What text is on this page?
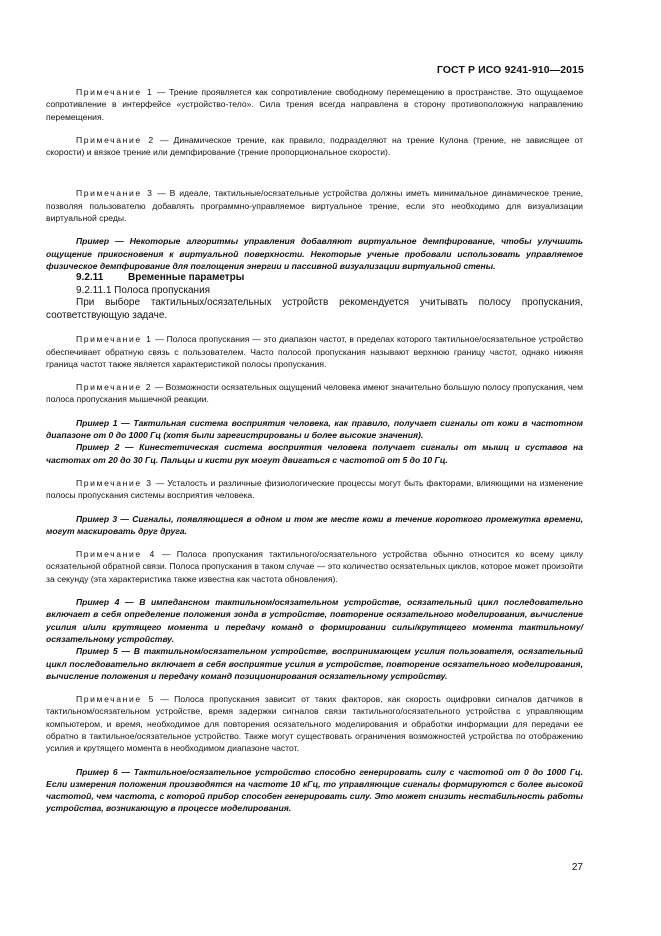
ГОСТ Р ИСО 9241-910—2015

Примечание 1 — Трение проявляется как сопротивление свободному перемещению в пространстве. Это ощущаемое сопротивление в интерфейсе «устройство-тело». Сила трения всегда направлена в сторону противоположную направлению перемещения.

Примечание 2 — Динамическое трение, как правило, подразделяют на трение Кулона (трение, не зависящее от скорости) и вязкое трение или демпфирование (трение пропорциональное скорости).

Примечание 3 — В идеале, тактильные/осязательные устройства должны иметь минимальное динамическое трение, позволяя пользователю добавлять программно-управляемое виртуальное трение, если это необходимо для визуализации виртуальной среды.

Пример — Некоторые алгоритмы управления добавляют виртуальное демпфирование, чтобы улучшить ощущение прикосновения к виртуальной поверхности. Некоторые ученые пробовали использовать управляемое физическое демпфирование для поглощения энергии и пассивной визуализации виртуальной стены.

9.2.11 Временные параметры

9.2.11.1 Полоса пропускания

При выборе тактильных/осязательных устройств рекомендуется учитывать полосу пропускания, соответствующую задаче.

Примечание 1 — Полоса пропускания — это диапазон частот, в пределах которого тактильное/осязательное устройство обеспечивает обратную связь с пользователем. Часто полосой пропускания называют верхнюю границу частот, однако нижняя граница частот также является характеристикой полосы пропускания.

Примечание 2 — Возможности осязательных ощущений человека имеют значительно большую полосу пропускания, чем полоса пропускания мышечной реакции.

Пример 1 — Тактильная система восприятия человека, как правило, получает сигналы от кожи в частотном диапазоне от 0 до 1000 Гц (хотя были зарегистрированы и более высокие значения).

Пример 2 — Кинестетическая система восприятия человека получает сигналы от мышц и суставов на частотах от 20 до 30 Гц. Пальцы и кисти рук могут двигаться с частотой от 5 до 10 Гц.

Примечание 3 — Усталость и различные физиологические процессы могут быть факторами, влияющими на изменение полосы пропускания системы восприятия человека.

Пример 3 — Сигналы, появляющиеся в одном и том же месте кожи в течение короткого промежутка времени, могут маскировать друг друга.

Примечание 4 — Полоса пропускания тактильного/осязательного устройства обычно относится ко всему циклу осязательной обратной связи. Полоса пропускания в таком случае — это количество осязательных циклов, которое может произойти за секунду (эта характеристика также известна как частота обновления).

Пример 4 — В импедансном тактильном/осязательном устройстве, осязательный цикл последовательно включает в себя определение положения зонда в устройстве, повторение осязательного моделирования, вычисление усилия и/или крутящего момента и передачу команд о формировании силы/крутящего момента тактильному/осязательному устройству.

Пример 5 — В тактильном/осязательном устройстве, воспринимающем усилия пользователя, осязательный цикл последовательно включает в себя восприятие усилия в устройстве, повторение осязательного моделирования, вычисление положения и передачу команд позиционирования осязательному устройству.

Примечание 5 — Полоса пропускания зависит от таких факторов, как скорость оцифровки сигналов датчиков в тактильном/осязательном устройстве, время задержки сигналов связи тактильного/осязательного устройства с управляющим компьютером, и время, необходимое для повторения осязательного моделирования и обработки информации для передачи ее обратно в тактильное/осязательное устройство. Также могут существовать ограничения возможностей устройства по отображению усилия и крутящего момента в необходимом диапазоне частот.

Пример 6 — Тактильное/осязательное устройство способно генерировать силу с частотой от 0 до 1000 Гц. Если измерения положения производятся на частоте 10 кГц, то управляющие сигналы формируются с более высокой частотой, чем частота, с которой прибор способен генерировать силу. Это может снизить нестабильность работы устройства, возникающую в процессе моделирования.

27
